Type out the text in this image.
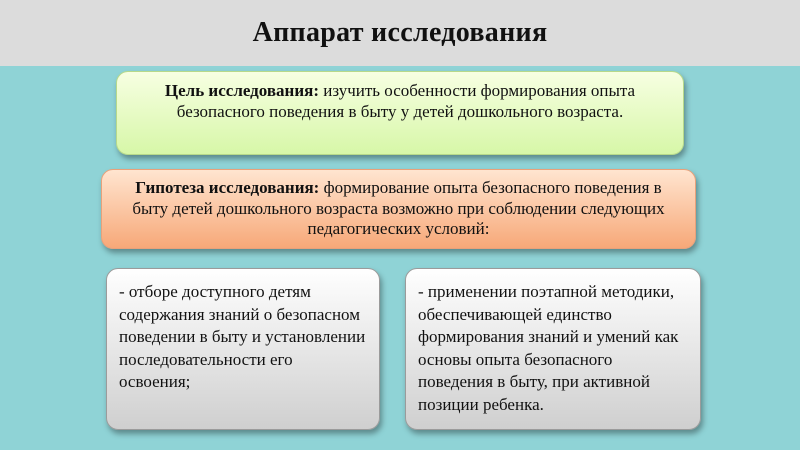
Аппарат исследования
Цель исследования: изучить особенности формирования опыта безопасного поведения в быту у детей дошкольного возраста.
Гипотеза исследования: формирование опыта безопасного поведения в быту детей дошкольного возраста возможно при соблюдении следующих педагогических условий:
- отборе доступного детям содержания знаний о безопасном поведении в быту и установлении последовательности его освоения;
- применении поэтапной методики, обеспечивающей единство формирования знаний и умений как основы опыта безопасного поведения в быту, при активной позиции ребенка.
